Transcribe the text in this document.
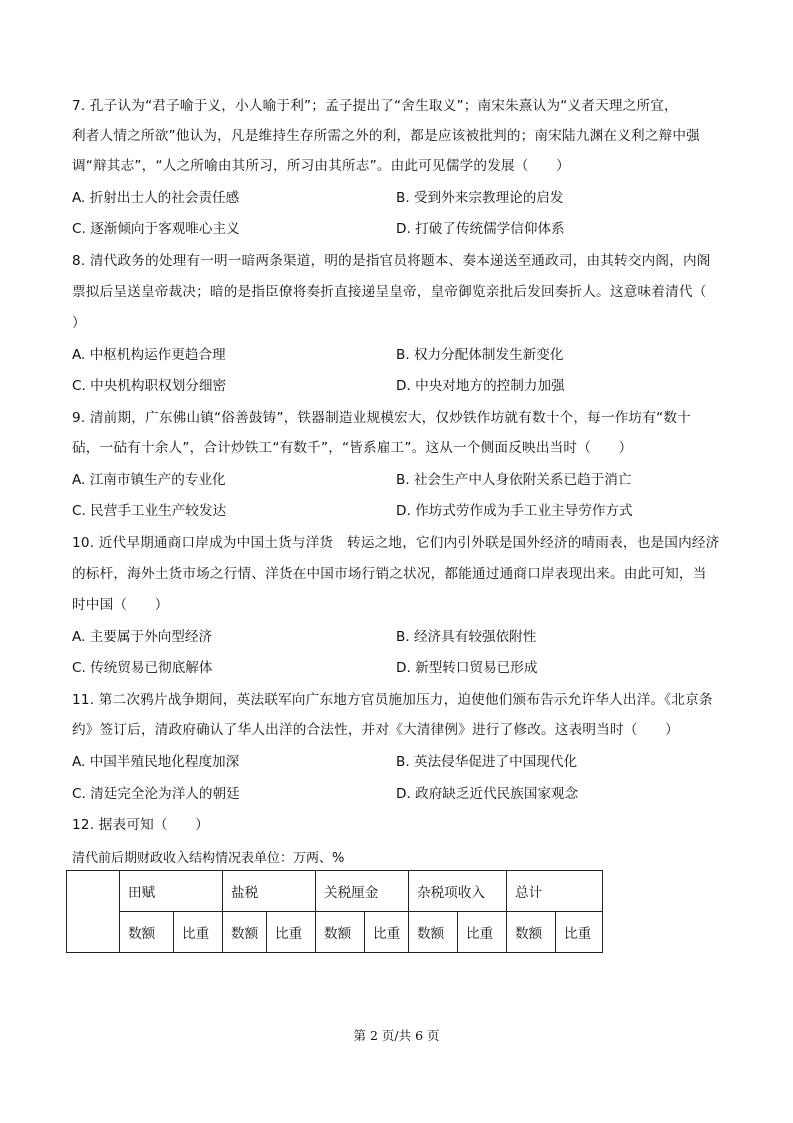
7. 孔子认为“君子喻于义，小人喻于利”；孟子提出了“舍生取义”；南宋朱熹认为“义者天理之所宜，
利者人情之所欲”他认为，凡是维持生存所需之外的利，都是应该被批判的；南宋陆九渊在义利之辩中强
调“辩其志”，“人之所喻由其所习，所习由其所志”。由此可见儒学的发展（　　）
A. 折射出士人的社会责任感	B. 受到外来宗教理论的启发
C. 逐渐倾向于客观唯心主义	D. 打破了传统儒学信仰体系
8. 清代政务的处理有一明一暗两条渠道，明的是指官员将题本、奏本递送至通政司，由其转交内阁，内阁
票拟后呈送皇帝裁决；暗的是指臣僚将奏折直接递呈皇帝，皇帝御览亲批后发回奏折人。这意味着清代（
）
A. 中枢机构运作更趋合理	B. 权力分配体制发生新变化
C. 中央机构职权划分细密	D. 中央对地方的控制力加强
9. 清前期，广东佛山镇“俗善鼓铸”，铁器制造业规模宏大，仅炒铁作坊就有数十个，每一作坊有“数十
砧，一砧有十余人”，合计炒铁工“有数千”，“皆系雇工”。这从一个侧面反映出当时（　　）
A. 江南市镇生产的专业化	B. 社会生产中人身依附关系已趋于消亡
C. 民营手工业生产较发达	D. 作坊式劳作成为手工业主导劳作方式
10. 近代早期通商口岸成为中国土货与洋货　转运之地，它们内引外联是国外经济的晴雨表，也是国内经济
的标杆，海外土货市场之行情、洋货在中国市场行销之状况，都能通过通商口岸表现出来。由此可知，当
时中国（　　）
A. 主要属于外向型经济	B. 经济具有较强依附性
C. 传统贸易已彻底解体	D. 新型转口贸易已形成
11. 第二次鸦片战争期间，英法联军向广东地方官员施加压力，迫使他们颁布告示允许华人出洋。《北京条
约》签订后，清政府确认了华人出洋的合法性，并对《大清律例》进行了修改。这表明当时（　　）
A. 中国半殖民地化程度加深	B. 英法侵华促进了中国现代化
C. 清廷完全沦为洋人的朝廷	D. 政府缺乏近代民族国家观念
12. 据表可知（　　）
清代前后期财政收入结构情况表单位：万两、%
	田赋		盐税		关税厘金		杂税项收入		总计	
	数额	比重	数额	比重	数额	比重	数额	比重	数额	比重
第 2 页/共 6 页
